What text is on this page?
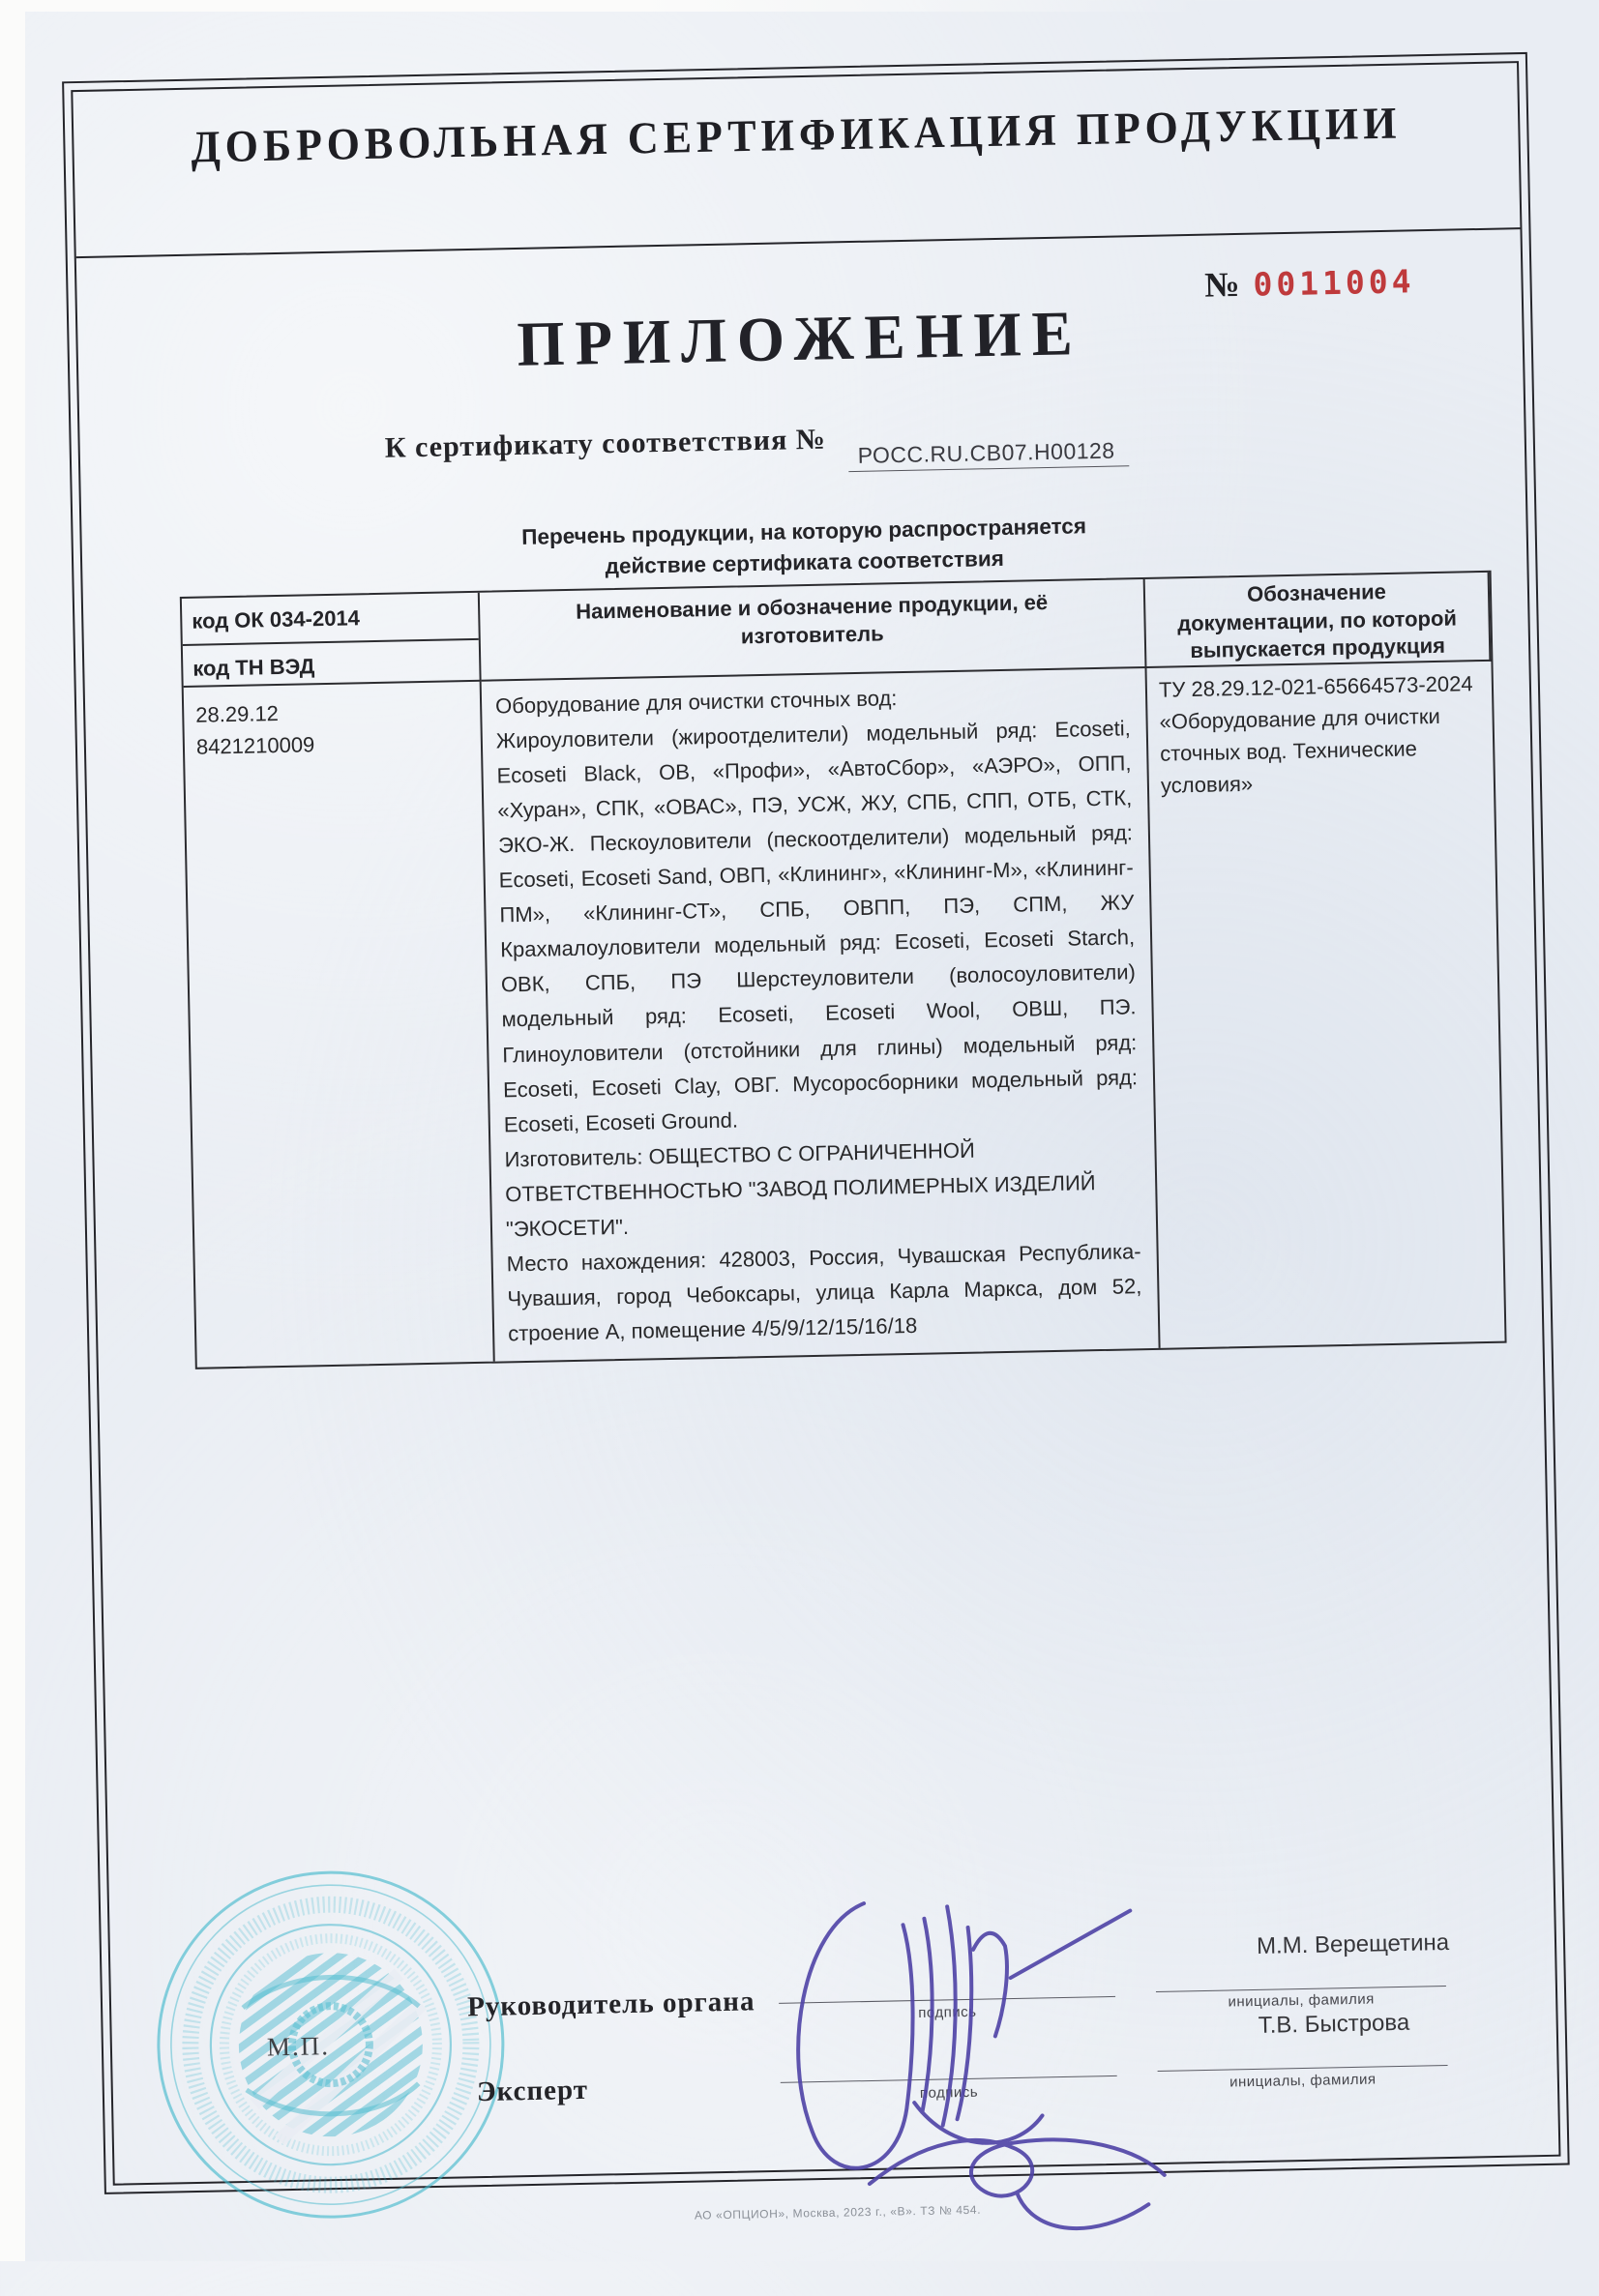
ДОБРОВОЛЬНАЯ СЕРТИФИКАЦИЯ ПРОДУКЦИИ
№ 0011004
ПРИЛОЖЕНИЕ
К сертификату соответствия № РОСС.RU.СВ07.Н00128
Перечень продукции, на которую распространяется
действие сертификата соответствия
код ОК 034-2014
код ТН ВЭД
Наименование и обозначение продукции, её изготовитель
Обозначение документации, по которой выпускается продукция
28.29.12
8421210009

Оборудование для очистки сточных вод:

Жироуловители (жироотделители) модельный ряд: Ecoseti, Ecoseti Black, ОВ, «Профи», «АвтоСбор», «АЭРО», ОПП, «Хуран», СПК, «ОВАС», ПЭ, УСЖ, ЖУ, СПБ, СПП, ОТБ, СТК, ЭКО-Ж. Пескоуловители (пескоотделители) модельный ряд: Ecoseti, Ecoseti Sand, ОВП, «Клининг», «Клининг-М», «Клининг-ПМ», «Клининг-СТ», СПБ, ОВПП, ПЭ, СПМ, ЖУ Крахмалоуловители модельный ряд: Ecoseti, Ecoseti Starch, ОВК, СПБ, ПЭ Шерстеуловители (волосоуловители) модельный ряд: Ecoseti, Ecoseti Wool, ОВШ, ПЭ. Глиноуловители (отстойники для глины) модельный ряд: Ecoseti, Ecoseti Clay, ОВГ. Мусоросборники модельный ряд: Ecoseti, Ecoseti Ground.

Изготовитель: ОБЩЕСТВО С ОГРАНИЧЕННОЙ ОТВЕТСТВЕННОСТЬЮ "ЗАВОД ПОЛИМЕРНЫХ ИЗДЕЛИЙ "ЭКОСЕТИ".

Место нахождения: 428003, Россия, Чувашская Республика-Чувашия, город Чебоксары, улица Карла Маркса, дом 52, строение А, помещение 4/5/9/12/15/16/18

ТУ 28.29.12-021-65664573-2024 «Оборудование для очистки сточных вод. Технические условия»
М.П.
Руководитель органа
Эксперт
подпись
подпись
М.М. Верещетина
инициалы, фамилия
Т.В. Быстрова
инициалы, фамилия
АО «ОПЦИОН», Москва, 2023 г., «В». ТЗ № 454.
